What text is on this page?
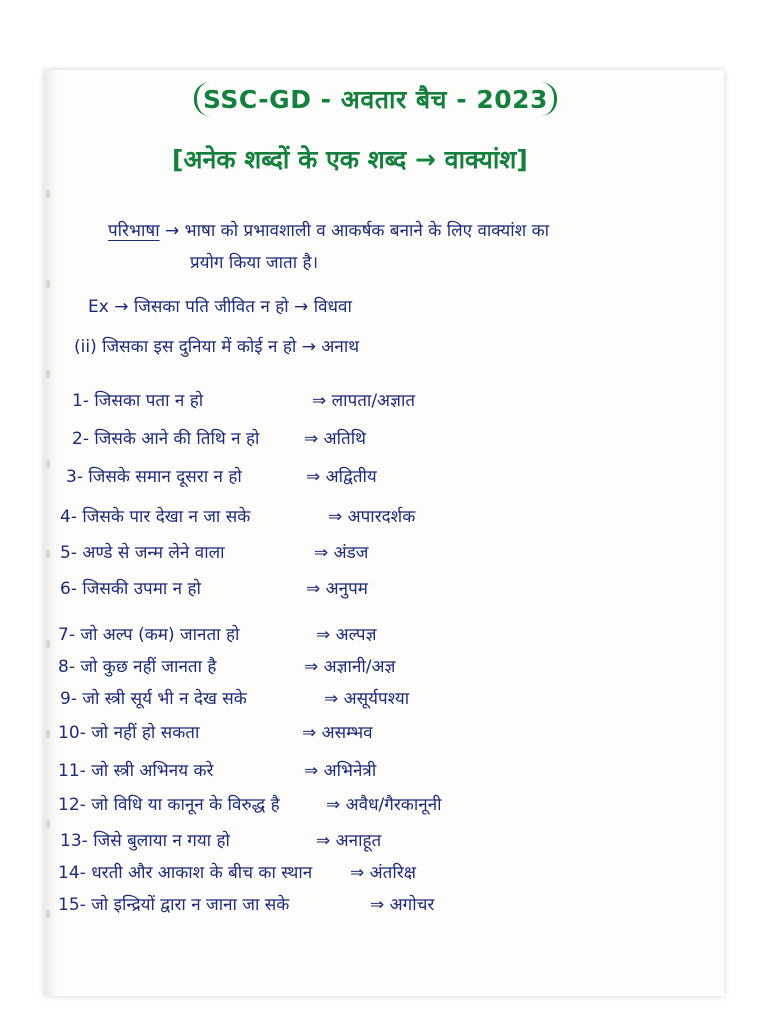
SSC-GD - अवतार बैच - 2023
[अनेक शब्दों के एक शब्द → वाक्यांश]
परिभाषा → भाषा को प्रभावशाली व आकर्षक बनाने के लिए वाक्यांश का
प्रयोग किया जाता है।
Ex → जिसका पति जीवित न हो → विधवा
(ii) जिसका इस दुनिया में कोई न हो → अनाथ
1- जिसका पता न हो	⇒ लापता/अज्ञात
2- जिसके आने की तिथि न हो	⇒ अतिथि
3- जिसके समान दूसरा न हो	⇒ अद्वितीय
4- जिसके पार देखा न जा सके	⇒ अपारदर्शक
5- अण्डे से जन्म लेने वाला	⇒ अंडज
6- जिसकी उपमा न हो	⇒ अनुपम
7- जो अल्प (कम) जानता हो	⇒ अल्पज्ञ
8- जो कुछ नहीं जानता है	⇒ अज्ञानी/अज्ञ
9- जो स्त्री सूर्य भी न देख सके	⇒ असूर्यपश्या
10- जो नहीं हो सकता	⇒ असम्भव
11- जो स्त्री अभिनय करे	⇒ अभिनेत्री
12- जो विधि या कानून के विरुद्ध है	⇒ अवैध/गैरकानूनी
13- जिसे बुलाया न गया हो	⇒ अनाहूत
14- धरती और आकाश के बीच का स्थान ⇒ अंतरिक्ष
15- जो इन्द्रियों द्वारा न जाना जा सके	⇒ अगोचर
